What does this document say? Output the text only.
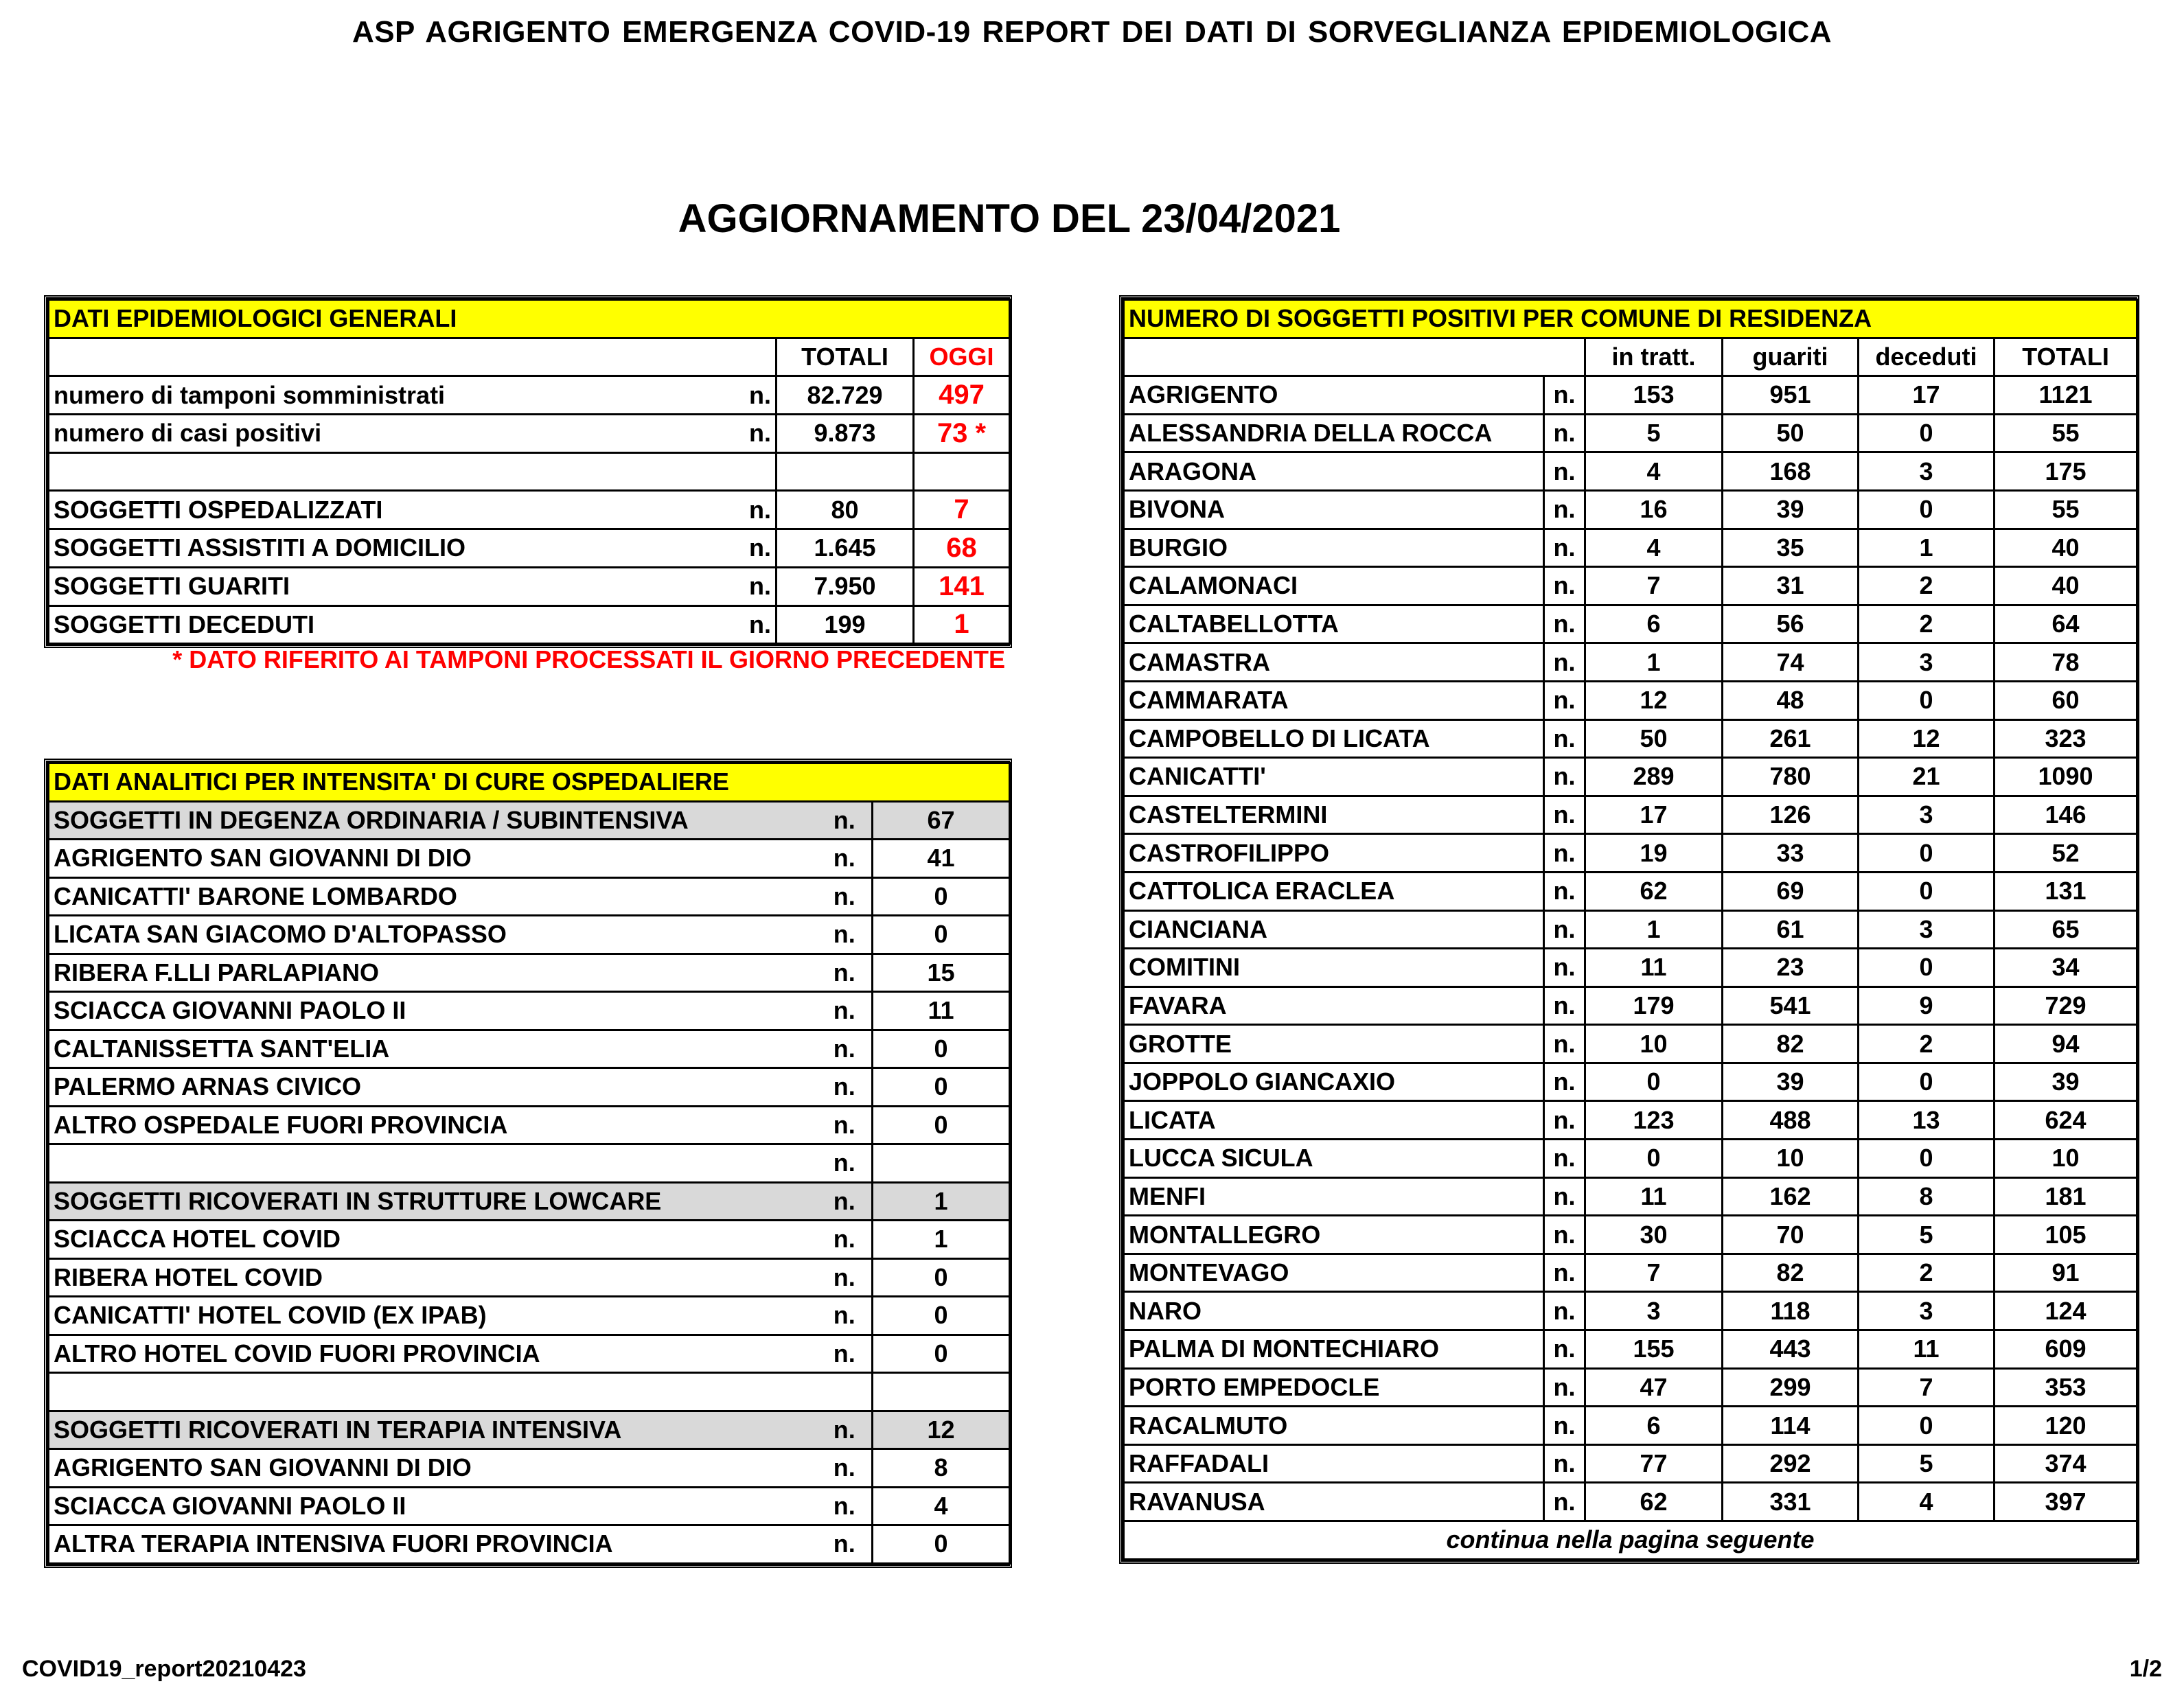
ASP AGRIGENTO EMERGENZA COVID-19 REPORT DEI DATI DI SORVEGLIANZA EPIDEMIOLOGICA
AGGIORNAMENTO DEL 23/04/2021
DATI EPIDEMIOLOGICI GENERALI			
		TOTALI	OGGI
numero di tamponi somministrati	n.	82.729	497
numero di casi positivi	n.	9.873	73 *

SOGGETTI OSPEDALIZZATI	n.	80	7
SOGGETTI ASSISTITI A DOMICILIO	n.	1.645	68
SOGGETTI GUARITI	n.	7.950	141
SOGGETTI DECEDUTI	n.	199	1
* DATO RIFERITO AI TAMPONI PROCESSATI IL GIORNO PRECEDENTE
DATI ANALITICI PER INTENSITA' DI CURE OSPEDALIERE		
SOGGETTI IN DEGENZA ORDINARIA / SUBINTENSIVA	n.	67
AGRIGENTO SAN GIOVANNI DI DIO	n.	41
CANICATTI' BARONE LOMBARDO	n.	0
LICATA SAN GIACOMO D'ALTOPASSO	n.	0
RIBERA F.LLI PARLAPIANO	n.	15
SCIACCA GIOVANNI PAOLO II	n.	11
CALTANISSETTA SANT'ELIA	n.	0
PALERMO ARNAS CIVICO	n.	0
ALTRO OSPEDALE FUORI PROVINCIA	n.	0
	n.	
SOGGETTI RICOVERATI IN STRUTTURE LOWCARE	n.	1
SCIACCA HOTEL COVID	n.	1
RIBERA HOTEL COVID	n.	0
CANICATTI' HOTEL COVID (EX IPAB)	n.	0
ALTRO HOTEL COVID FUORI PROVINCIA	n.	0

SOGGETTI RICOVERATI IN TERAPIA INTENSIVA	n.	12
AGRIGENTO SAN GIOVANNI DI DIO	n.	8
SCIACCA GIOVANNI PAOLO II	n.	4
ALTRA TERAPIA INTENSIVA FUORI PROVINCIA	n.	0
NUMERO DI SOGGETTI POSITIVI PER COMUNE DI RESIDENZA					
		in tratt.	guariti	deceduti	TOTALI
AGRIGENTO	n.	153	951	17	1121
ALESSANDRIA DELLA ROCCA	n.	5	50	0	55
ARAGONA	n.	4	168	3	175
BIVONA	n.	16	39	0	55
BURGIO	n.	4	35	1	40
CALAMONACI	n.	7	31	2	40
CALTABELLOTTA	n.	6	56	2	64
CAMASTRA	n.	1	74	3	78
CAMMARATA	n.	12	48	0	60
CAMPOBELLO DI LICATA	n.	50	261	12	323
CANICATTI'	n.	289	780	21	1090
CASTELTERMINI	n.	17	126	3	146
CASTROFILIPPO	n.	19	33	0	52
CATTOLICA ERACLEA	n.	62	69	0	131
CIANCIANA	n.	1	61	3	65
COMITINI	n.	11	23	0	34
FAVARA	n.	179	541	9	729
GROTTE	n.	10	82	2	94
JOPPOLO GIANCAXIO	n.	0	39	0	39
LICATA	n.	123	488	13	624
LUCCA SICULA	n.	0	10	0	10
MENFI	n.	11	162	8	181
MONTALLEGRO	n.	30	70	5	105
MONTEVAGO	n.	7	82	2	91
NARO	n.	3	118	3	124
PALMA DI MONTECHIARO	n.	155	443	11	609
PORTO EMPEDOCLE	n.	47	299	7	353
RACALMUTO	n.	6	114	0	120
RAFFADALI	n.	77	292	5	374
RAVANUSA	n.	62	331	4	397
continua nella pagina seguente					
COVID19_report20210423	1/2
